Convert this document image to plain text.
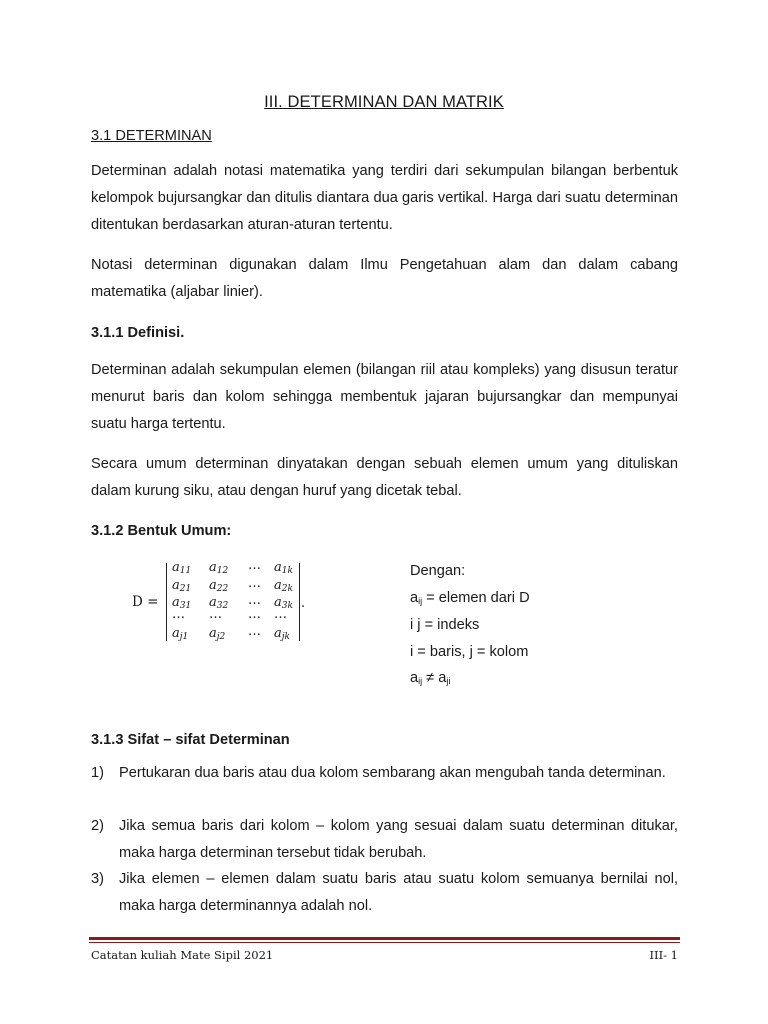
III. DETERMINAN DAN MATRIK
3.1 DETERMINAN

Determinan adalah notasi matematika yang terdiri dari sekumpulan bilangan berbentuk kelompok bujursangkar dan ditulis diantara dua garis vertikal. Harga dari suatu determinan ditentukan berdasarkan aturan-aturan tertentu.

Notasi determinan digunakan dalam Ilmu Pengetahuan alam dan dalam cabang matematika (aljabar linier).

3.1.1 Definisi.

Determinan adalah sekumpulan elemen (bilangan riil atau kompleks) yang disusun teratur menurut baris dan kolom sehingga membentuk jajaran bujursangkar dan mempunyai suatu harga tertentu.

Secara umum determinan dinyatakan dengan sebuah elemen umum yang dituliskan dalam kurung siku, atau dengan huruf yang dicetak tebal.

3.1.2 Bentuk Umum:
D =
$a_{11}$ $a_{12}$ … $a_{1k}$
$a_{21}$ $a_{22}$ … $a_{2k}$
$a_{31}$ $a_{32}$ … $a_{3k}$
… … … …
$a_{j1}$ $a_{j2}$ … $a_{jk}$
.
Dengan:
$a_{ij}$ = elemen dari D
i j = indeks
i = baris, j = kolom
$a_{ij} \ne a_{ji}$
3.1.3 Sifat – sifat Determinan
1) Pertukaran dua baris atau dua kolom sembarang akan mengubah tanda determinan.
2) Jika semua baris dari kolom – kolom yang sesuai dalam suatu determinan ditukar, maka harga determinan tersebut tidak berubah.
3) Jika elemen – elemen dalam suatu baris atau suatu kolom semuanya bernilai nol, maka harga determinannya adalah nol.
Catatan kuliah Mate Sipil 2021	III- 1
